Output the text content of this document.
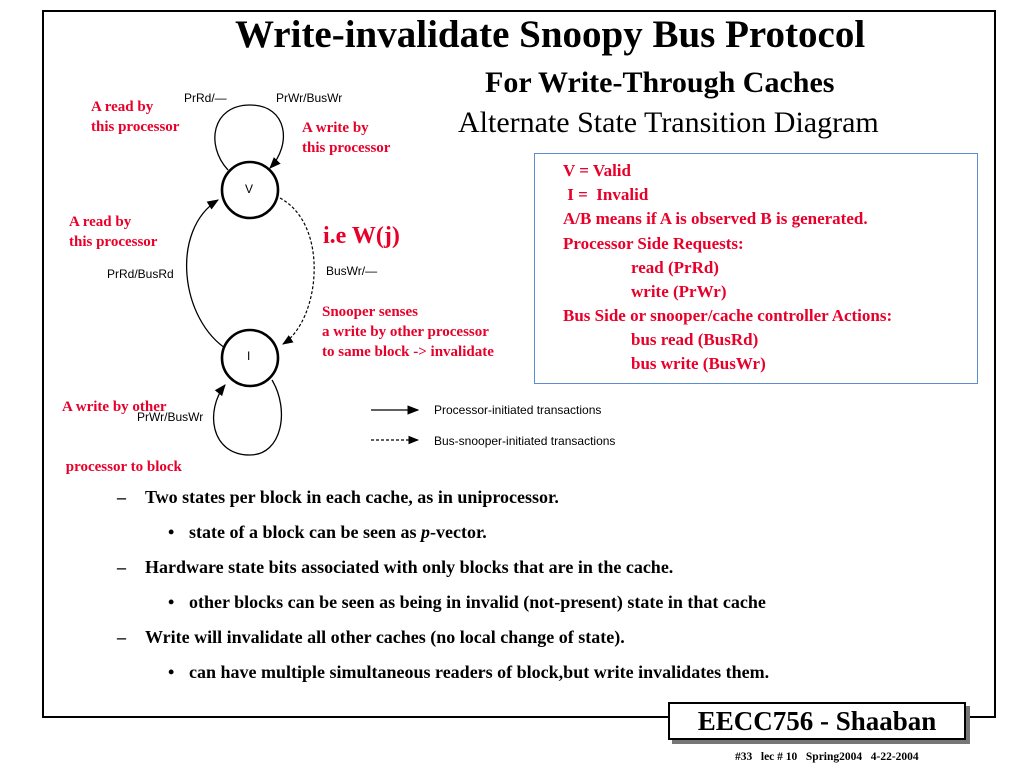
Write-invalidate Snoopy Bus Protocol
For Write-Through Caches
Alternate State Transition Diagram
V
I
PrRd/—	PrWr/BusWr
PrRd/BusRd	BusWr/—
PrWr/BusWr
A read by
this processor	A write by
this processor
A read by
this processor	i.e W(j)
Snooper senses
a write by other processor
to same block -> invalidate

A write by other

processor to block

Processor-initiated transactions
Bus-snooper-initiated transactions
V = Valid
I =  Invalid
A/B means if A is observed B is generated.
Processor Side Requests:
read (PrRd)
write (PrWr)
Bus Side or snooper/cache controller Actions:
bus read (BusRd)
bus write (BusWr)
– Two states per block in each cache, as in uniprocessor.
• state of a block can be seen as p-vector.
– Hardware state bits associated with only blocks that are in the cache.
• other blocks can be seen as being in invalid (not-present) state in that cache
– Write will invalidate all other caches (no local change of state).
• can have multiple simultaneous readers of block,but write invalidates them.
EECC756 - Shaaban
#33   lec # 10   Spring2004   4-22-2004
